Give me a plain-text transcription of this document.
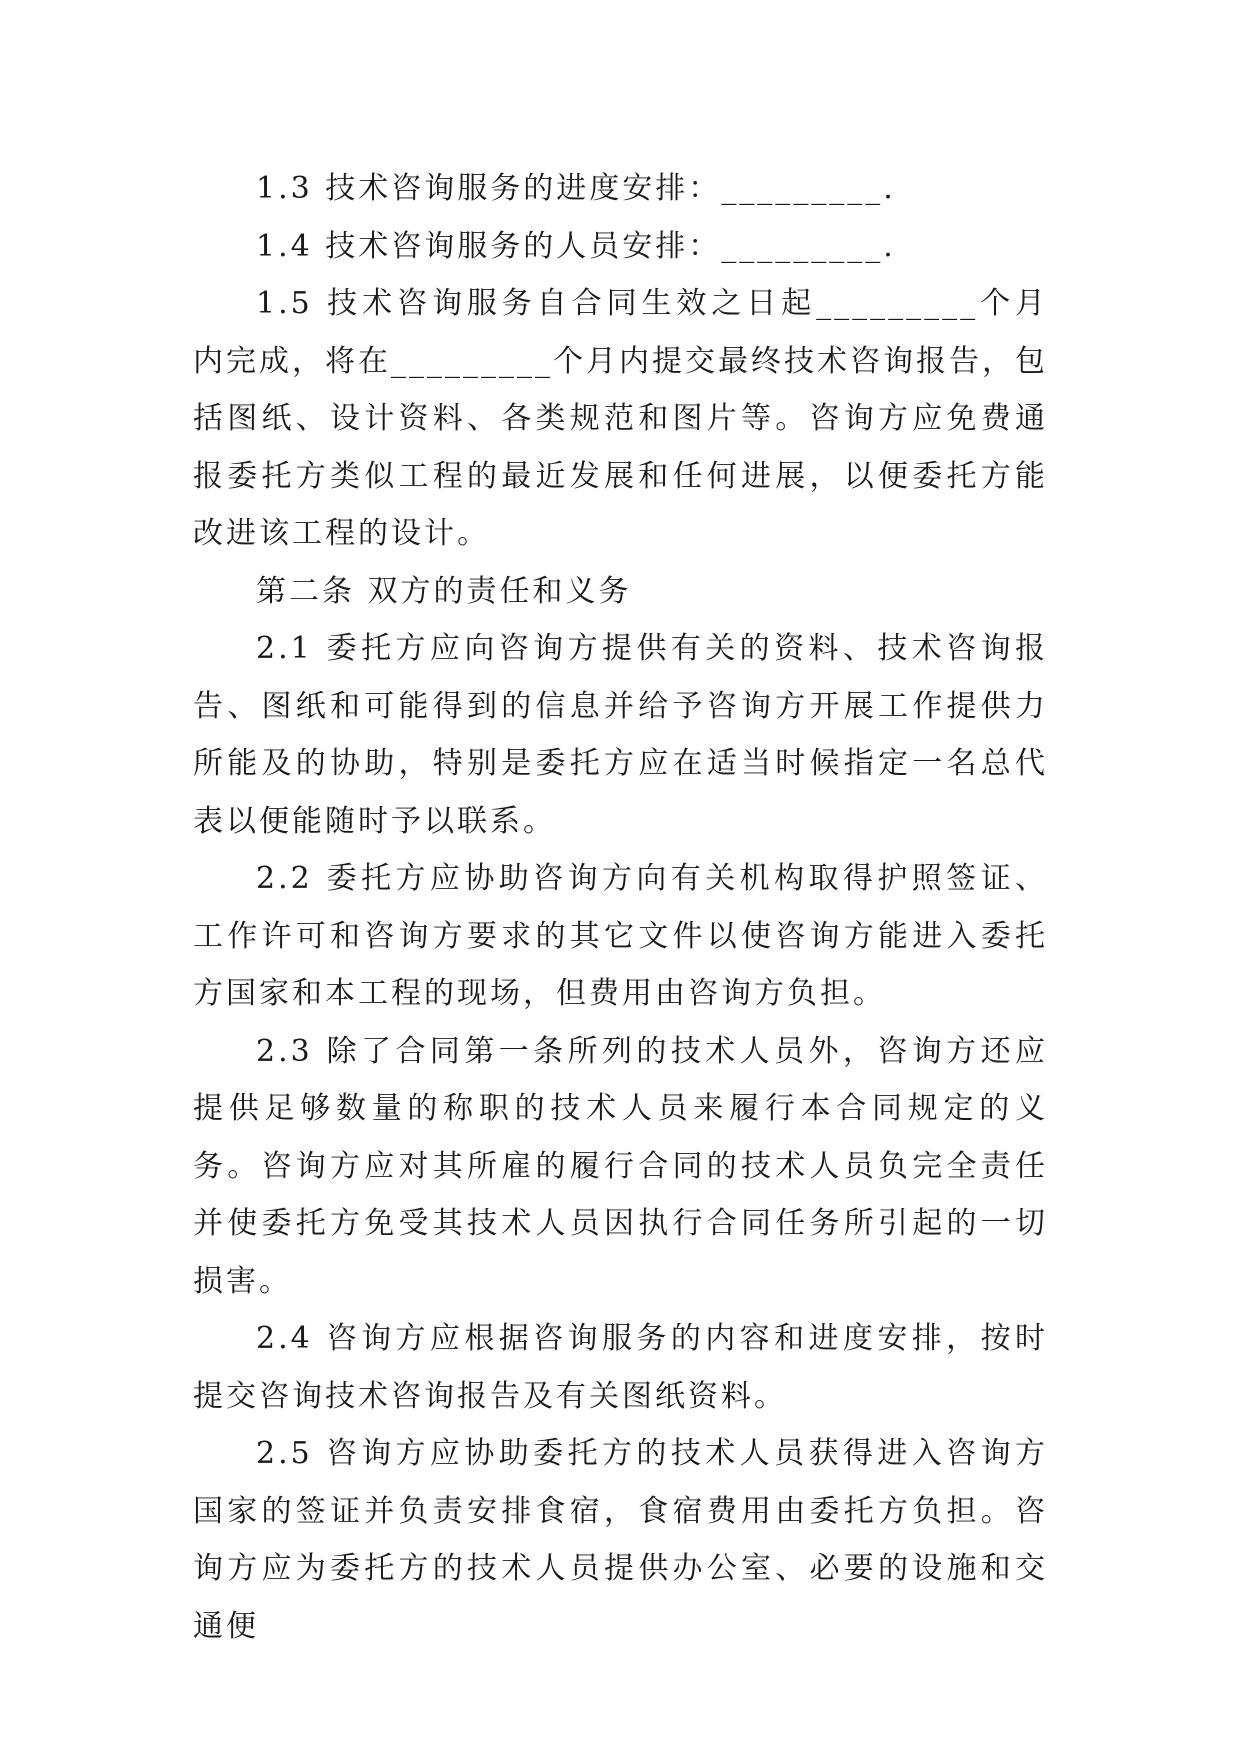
1.3 技术咨询服务的进度安排：_________.

1.4 技术咨询服务的人员安排：_________.

1.5 技术咨询服务自合同生效之日起_________个月内完成，将在_________个月内提交最终技术咨询报告，包括图纸、设计资料、各类规范和图片等。咨询方应免费通报委托方类似工程的最近发展和任何进展，以便委托方能改进该工程的设计。

第二条 双方的责任和义务

2.1 委托方应向咨询方提供有关的资料、技术咨询报告、图纸和可能得到的信息并给予咨询方开展工作提供力所能及的协助，特别是委托方应在适当时候指定一名总代表以便能随时予以联系。

2.2 委托方应协助咨询方向有关机构取得护照签证、工作许可和咨询方要求的其它文件以使咨询方能进入委托方国家和本工程的现场，但费用由咨询方负担。

2.3 除了合同第一条所列的技术人员外，咨询方还应提供足够数量的称职的技术人员来履行本合同规定的义务。咨询方应对其所雇的履行合同的技术人员负完全责任并使委托方免受其技术人员因执行合同任务所引起的一切损害。

2.4 咨询方应根据咨询服务的内容和进度安排，按时提交咨询技术咨询报告及有关图纸资料。

2.5 咨询方应协助委托方的技术人员获得进入咨询方国家的签证并负责安排食宿，食宿费用由委托方负担。咨询方应为委托方的技术人员提供办公室、必要的设施和交通便
